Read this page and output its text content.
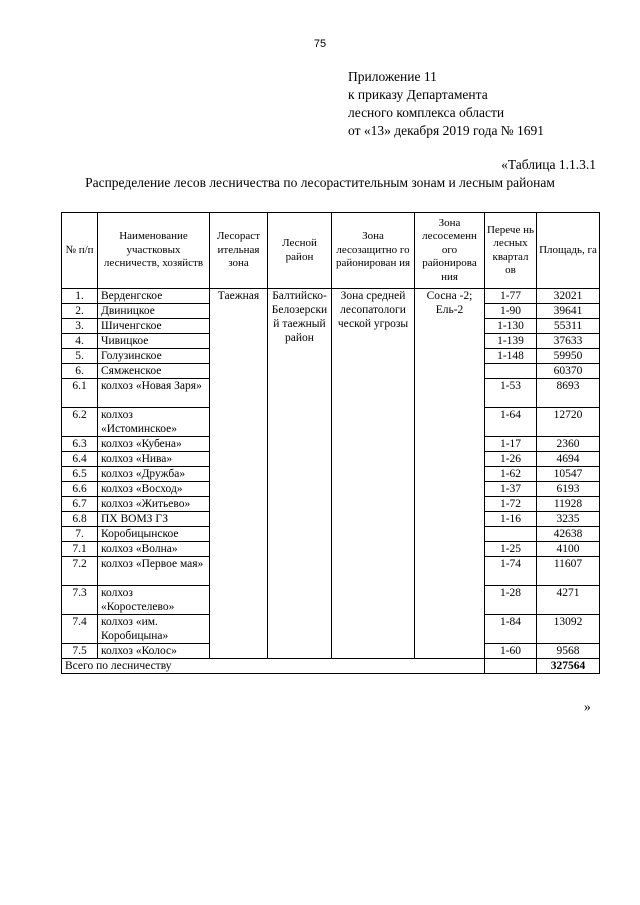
75
Приложение 11
к приказу Департамента
лесного комплекса области
от «13» декабря 2019 года № 1691
«Таблица 1.1.3.1
Распределение лесов лесничества по лесорастительным зонам и лесным районам
№ п/п	Наименование участковых лесничеств, хозяйств	Лесораст ительная зона	Лесной район	Зона лесозащитно го районирован ия	Зона лесосеменн ого районирова ния	Перече нь лесных квартал ов	Площадь, га
1.	Верденгское	Таежная	Балтийско-Белозерски й таежный район	Зона средней лесопатологи ческой угрозы	Сосна -2; Ель-2	1-77	32021
2.	Двиницкое					1-90	39641
3.	Шиченгское					1-130	55311
4.	Чивицкое					1-139	37633
5.	Голузинское					1-148	59950
6.	Сямженское						60370
6.1	колхоз «Новая Заря»					1-53	8693
6.2	колхоз «Истоминское»					1-64	12720
6.3	колхоз «Кубена»					1-17	2360
6.4	колхоз «Нива»					1-26	4694
6.5	колхоз «Дружба»					1-62	10547
6.6	колхоз «Восход»					1-37	6193
6.7	колхоз «Житьево»					1-72	11928
6.8	ПХ ВОМЗ ГЗ					1-16	3235
7.	Коробицынское						42638
7.1	колхоз «Волна»					1-25	4100
7.2	колхоз «Первое мая»					1-74	11607
7.3	колхоз «Коростелево»					1-28	4271
7.4	колхоз «им. Коробицына»					1-84	13092
7.5	колхоз «Колос»					1-60	9568
Всего по лесничеству							327564
»
